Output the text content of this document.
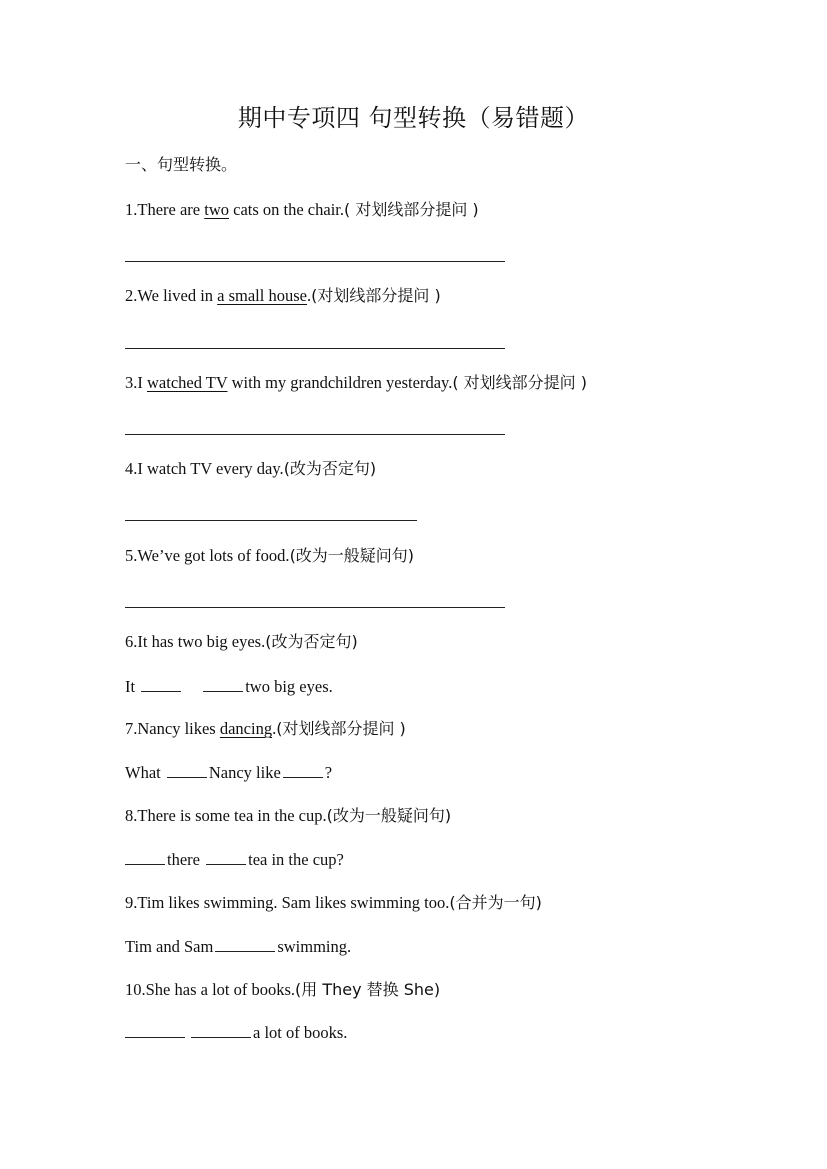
期中专项四 句型转换（易错题）
一、句型转换。
1.There are two cats on the chair.( 对划线部分提问 )
2.We lived in a small house.(对划线部分提问 )
3.I watched TV with my grandchildren yesterday.( 对划线部分提问 )
4.I watch TV every day.(改为否定句)
5.We’ve got lots of food.(改为一般疑问句)
6.It has two big eyes.(改为否定句)
It	two big eyes.
7.Nancy likes dancing.(对划线部分提问 )
What	Nancy like	?
8.There is some tea in the cup.(改为一般疑问句)
there	tea in the cup?
9.Tim likes swimming. Sam likes swimming too.(合并为一句)
Tim and Sam	swimming.
10.She has a lot of books.(用 They 替换 She)
a lot of books.
